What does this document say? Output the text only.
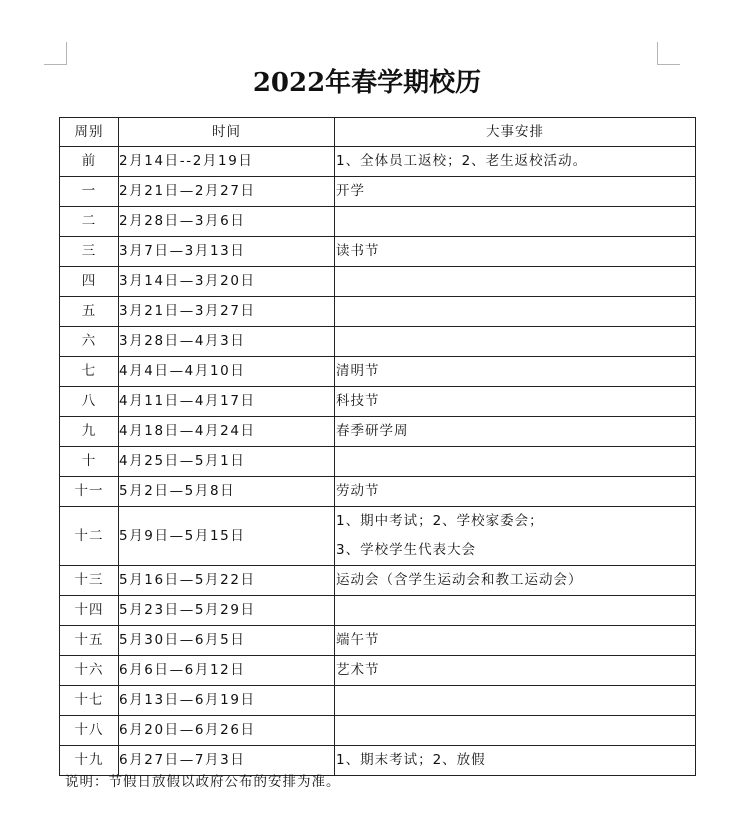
2022年春学期校历
周别	时间	大事安排
前	2月14日--2月19日	1、全体员工返校；2、老生返校活动。

一	2月21日—2月27日	开学

二	2月28日—3月6日	
三	3月7日—3月13日	读书节

四	3月14日—3月20日	
五	3月21日—3月27日	
六	3月28日—4月3日	
七	4月4日—4月10日	清明节

八	4月11日—4月17日	科技节

九	4月18日—4月24日	春季研学周

十	4月25日—5月1日	
十一	5月2日—5月8日	劳动节

十二	5月9日—5月15日	1、期中考试；2、学校家委会；
3、学校学生代表大会

十三	5月16日—5月22日	运动会（含学生运动会和教工运动会）

十四	5月23日—5月29日	
十五	5月30日—6月5日	端午节

十六	6月6日—6月12日	艺术节

十七	6月13日—6月19日	
十八	6月20日—6月26日	
十九	6月27日—7月3日	1、期末考试；2、放假
说明：节假日放假以政府公布的安排为准。
